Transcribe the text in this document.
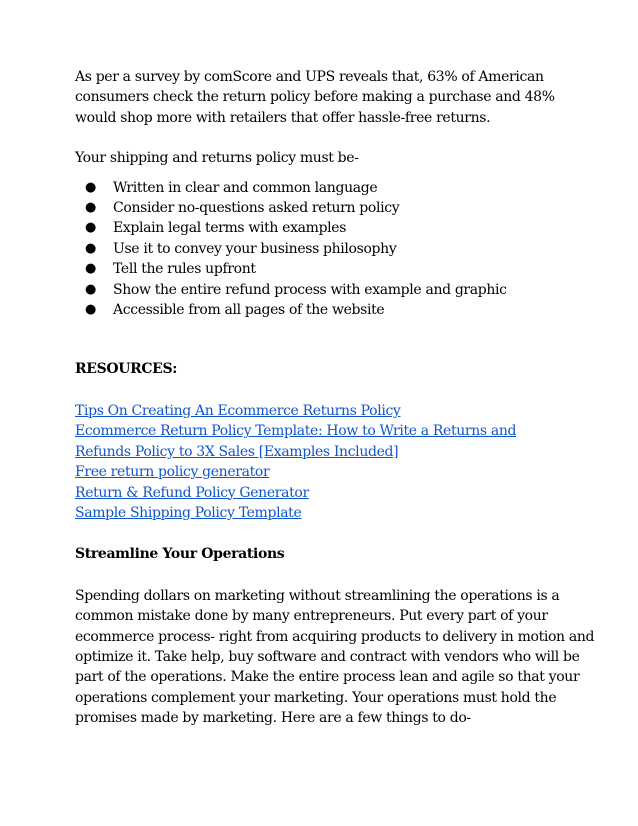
As per a survey by comScore and UPS reveals that, 63% of American consumers check the return policy before making a purchase and 48% would shop more with retailers that offer hassle-free returns.

Your shipping and returns policy must be-

● Written in clear and common language
● Consider no-questions asked return policy
● Explain legal terms with examples
● Use it to convey your business philosophy
● Tell the rules upfront
● Show the entire refund process with example and graphic
● Accessible from all pages of the website

RESOURCES:

Tips On Creating An Ecommerce Returns Policy
Ecommerce Return Policy Template: How to Write a Returns and Refunds Policy to 3X Sales [Examples Included]
Free return policy generator
Return & Refund Policy Generator
Sample Shipping Policy Template

Streamline Your Operations

Spending dollars on marketing without streamlining the operations is a common mistake done by many entrepreneurs. Put every part of your ecommerce process- right from acquiring products to delivery in motion and optimize it. Take help, buy software and contract with vendors who will be part of the operations. Make the entire process lean and agile so that your operations complement your marketing. Your operations must hold the promises made by marketing. Here are a few things to do-
